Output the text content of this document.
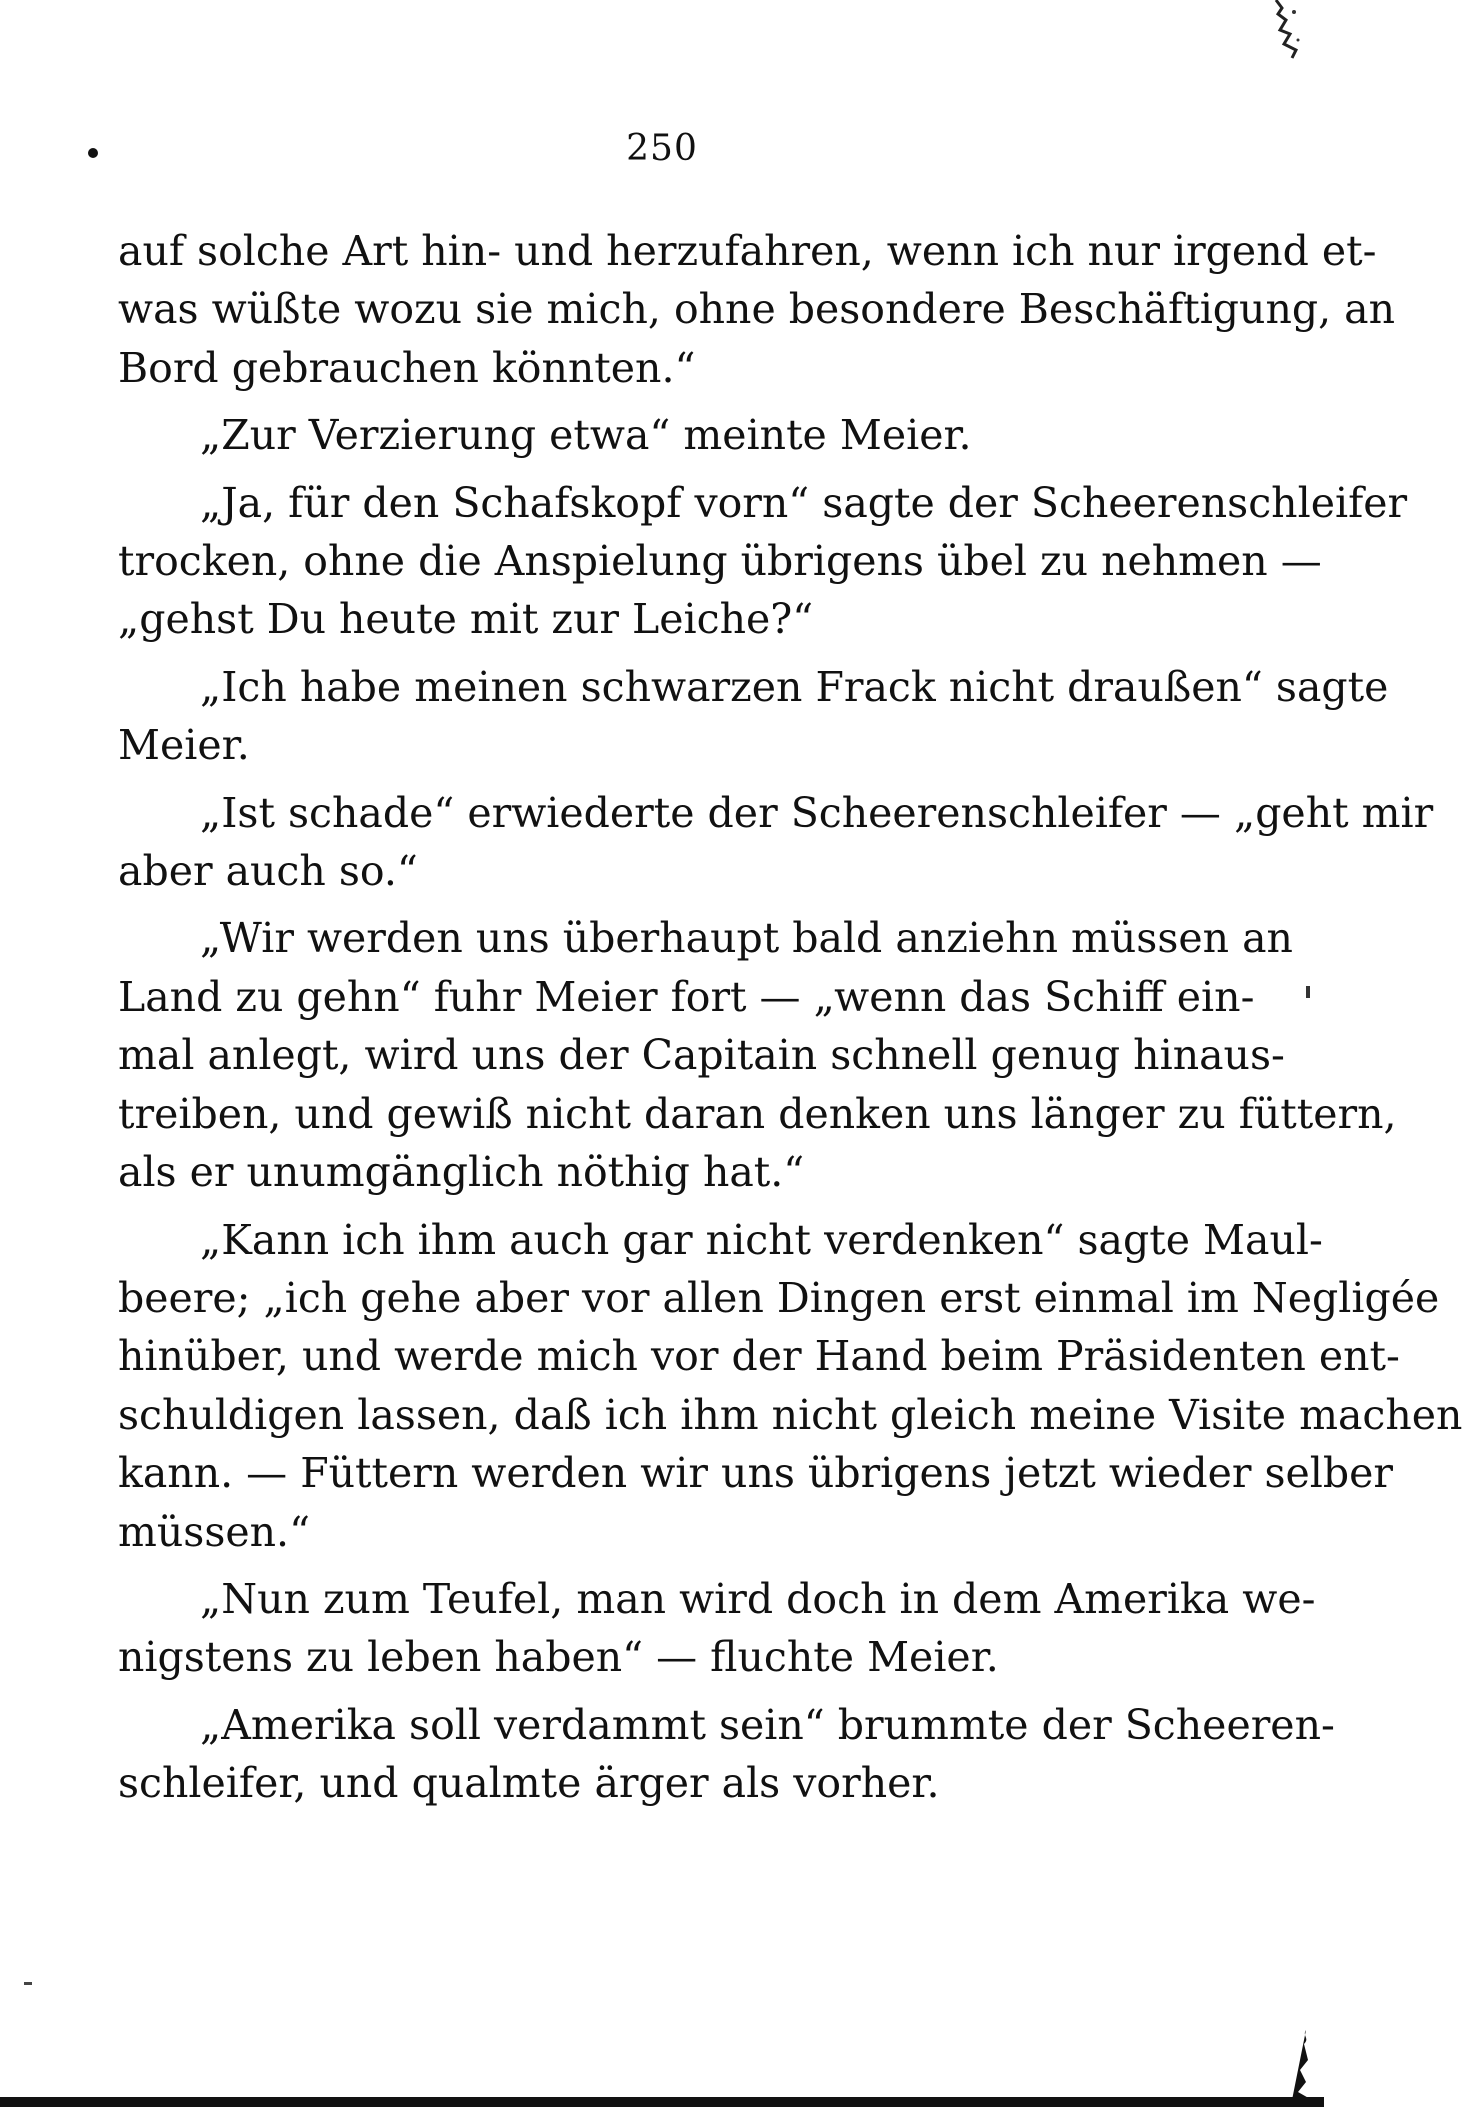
250
auf solche Art hin- und herzufahren, wenn ich nur irgend et-
was wüßte wozu sie mich, ohne besondere Beschäftigung, an
Bord gebrauchen könnten.“
„Zur Verzierung etwa“ meinte Meier.
„Ja, für den Schafskopf vorn“ sagte der Scheerenschleifer
trocken, ohne die Anspielung übrigens übel zu nehmen —
„gehst Du heute mit zur Leiche?“
„Ich habe meinen schwarzen Frack nicht draußen“ sagte
Meier.
„Ist schade“ erwiederte der Scheerenschleifer — „geht mir
aber auch so.“
„Wir werden uns überhaupt bald anziehn müssen an
Land zu gehn“ fuhr Meier fort — „wenn das Schiff ein-
mal anlegt, wird uns der Capitain schnell genug hinaus-
treiben, und gewiß nicht daran denken uns länger zu füttern,
als er unumgänglich nöthig hat.“
„Kann ich ihm auch gar nicht verdenken“ sagte Maul-
beere; „ich gehe aber vor allen Dingen erst einmal im Negligée
hinüber, und werde mich vor der Hand beim Präsidenten ent-
schuldigen lassen, daß ich ihm nicht gleich meine Visite machen
kann. — Füttern werden wir uns übrigens jetzt wieder selber
müssen.“
„Nun zum Teufel, man wird doch in dem Amerika we-
nigstens zu leben haben“ — fluchte Meier.
„Amerika soll verdammt sein“ brummte der Scheeren-
schleifer, und qualmte ärger als vorher.
